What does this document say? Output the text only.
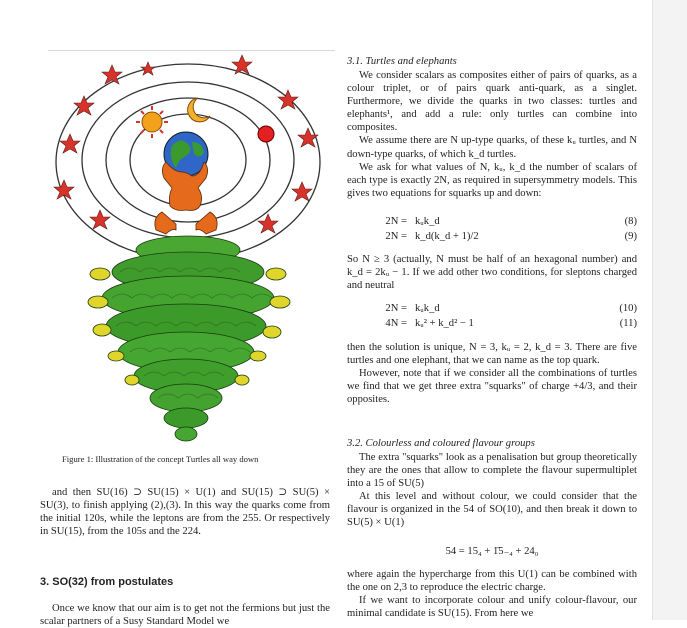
Figure 1: Illustration of the concept Turtles all way down

and then SU(16) ⊃ SU(15) × U(1) and SU(15) ⊃ SU(5) × SU(3), to finish applying (2),(3). In this way the quarks come from the initial 120s, while the leptons are from the 255. Or respectively in SU(15), from the 105s and the 224.

3. SO(32) from postulates

Once we know that our aim is to get not the fermions but just the scalar partners of a Susy Standard Model we

3.1. Turtles and elephants

We consider scalars as composites either of pairs of quarks, as a colour triplet, or of pairs quark anti-quark, as a singlet. Furthermore, we divide the quarks in two classes: turtles and elephants¹, and add a rule: only turtles can combine into composites.

We assume there are N up-type quarks, of these kᵤ turtles, and N down-type quarks, of which k_d turtles.

We ask for what values of N, kᵤ, k_d the number of scalars of each type is exactly 2N, as required in supersymmetry models. This gives two equations for squarks up and down:

2N = kᵤk_d	(8)
2N = k_d(k_d + 1)/2	(9)

So N ≥ 3 (actually, N must be half of an hexagonal number) and k_d = 2kᵤ − 1. If we add other two conditions, for sleptons charged and neutral

2N = kᵤk_d	(10)
4N = kᵤ² + k_d² − 1	(11)

then the solution is unique, N = 3, kᵤ = 2, k_d = 3. There are five turtles and one elephant, that we can name as the top quark.

However, note that if we consider all the combinations of turtles we find that we get three extra "squarks" of charge +4/3, and their opposites.

3.2. Colourless and coloured flavour groups

The extra "squarks" look as a penalisation but group theoretically they are the ones that allow to complete the flavour supermultiplet into a 15 of SU(5)

At this level and without colour, we could consider that the flavour is organized in the 54 of SO(10), and then break it down to SU(5) × U(1)

54 = 15₄ + 1̄5₋₄ + 24₀

where again the hypercharge from this U(1) can be combined with the one on 2,3 to reproduce the electric charge.

If we want to incorporate colour and unify colour-flavour, our minimal candidate is SU(15). From here we
